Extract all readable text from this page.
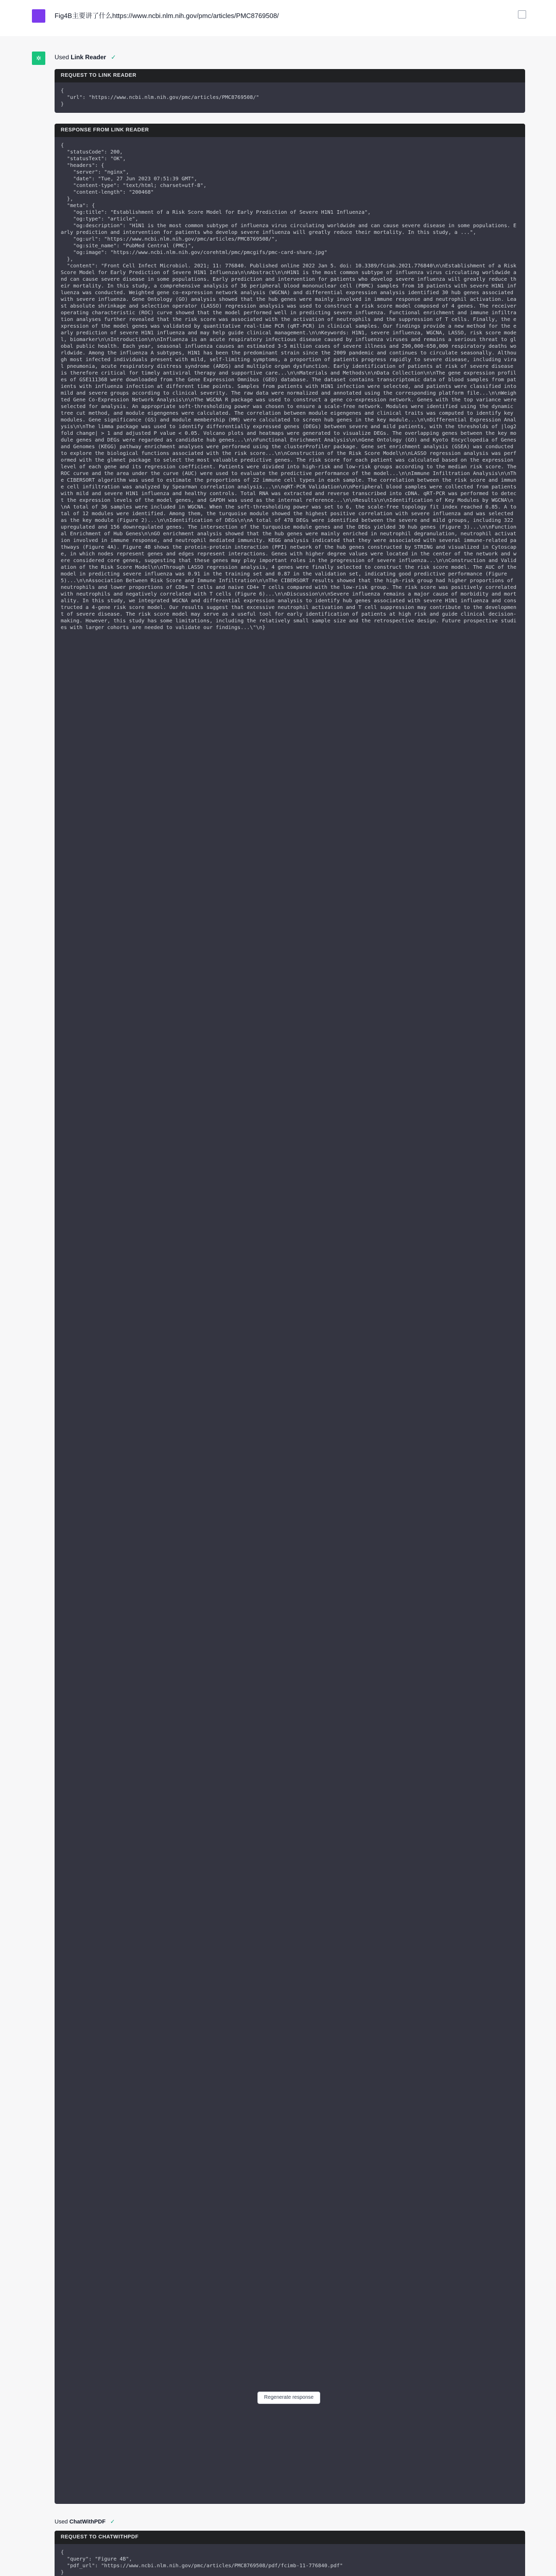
Fig4B主要讲了什么https://www.ncbi.nlm.nih.gov/pmc/articles/PMC8769508/
✲	Used Link Reader ✓
REQUEST TO LINK READER
{
"url": "https://www.ncbi.nlm.nih.gov/pmc/articles/PMC8769508/"
}
RESPONSE FROM LINK READER
{
"statusCode": 200,
"statusText": "OK",
"headers": {
"server": "nginx",
"date": "Tue, 27 Jun 2023 07:51:39 GMT",
"content-type": "text/html; charset=utf-8",
"content-length": "200468"
},
"meta": {
"og:title": "Establishment of a Risk Score Model for Early Prediction of Severe H1N1 Influenza",
"og:type": "article",
"og:description": "H1N1 is the most common subtype of influenza virus circulating worldwide and can cause severe disease in some populations. Early prediction and intervention for patients who develop severe influenza will greatly reduce their mortality. In this study, a ...",
"og:url": "https://www.ncbi.nlm.nih.gov/pmc/articles/PMC8769508/",
"og:site_name": "PubMed Central (PMC)",
"og:image": "https://www.ncbi.nlm.nih.gov/corehtml/pmc/pmcgifs/pmc-card-share.jpg"
},
"content": "Front Cell Infect Microbiol. 2021; 11: 776840. Published online 2022 Jan 5. doi: 10.3389/fcimb.2021.776840\n\nEstablishment of a Risk Score Model for Early Prediction of Severe H1N1 Influenza\n\nAbstract\n\nH1N1 is the most common subtype of influenza virus circulating worldwide and can cause severe disease in some populations. Early prediction and intervention for patients who develop severe influenza will greatly reduce their mortality. In this study, a comprehensive analysis of 36 peripheral blood mononuclear cell (PBMC) samples from 18 patients with severe H1N1 influenza was conducted. Weighted gene co-expression network analysis (WGCNA) and differential expression analysis identified 30 hub genes associated with severe influenza. Gene Ontology (GO) analysis showed that the hub genes were mainly involved in immune response and neutrophil activation. Least absolute shrinkage and selection operator (LASSO) regression analysis was used to construct a risk score model composed of 4 genes. The receiver operating characteristic (ROC) curve showed that the model performed well in predicting severe influenza. Functional enrichment and immune infiltration analyses further revealed that the risk score was associated with the activation of neutrophils and the suppression of T cells. Finally, the expression of the model genes was validated by quantitative real-time PCR (qRT-PCR) in clinical samples. Our findings provide a new method for the early prediction of severe H1N1 influenza and may help guide clinical management.\n\nKeywords: H1N1, severe influenza, WGCNA, LASSO, risk score model, biomarker\n\nIntroduction\n\nInfluenza is an acute respiratory infectious disease caused by influenza viruses and remains a serious threat to global public health. Each year, seasonal influenza causes an estimated 3-5 million cases of severe illness and 290,000-650,000 respiratory deaths worldwide. Among the influenza A subtypes, H1N1 has been the predominant strain since the 2009 pandemic and continues to circulate seasonally. Although most infected individuals present with mild, self-limiting symptoms, a proportion of patients progress rapidly to severe disease, including viral pneumonia, acute respiratory distress syndrome (ARDS) and multiple organ dysfunction. Early identification of patients at risk of severe disease is therefore critical for timely antiviral therapy and supportive care...\n\nMaterials and Methods\n\nData Collection\n\nThe gene expression profiles of GSE111368 were downloaded from the Gene Expression Omnibus (GEO) database. The dataset contains transcriptomic data of blood samples from patients with influenza infection at different time points. Samples from patients with H1N1 infection were selected, and patients were classified into mild and severe groups according to clinical severity. The raw data were normalized and annotated using the corresponding platform file...\n\nWeighted Gene Co-Expression Network Analysis\n\nThe WGCNA R package was used to construct a gene co-expression network. Genes with the top variance were selected for analysis. An appropriate soft-thresholding power was chosen to ensure a scale-free network. Modules were identified using the dynamic tree cut method, and module eigengenes were calculated. The correlation between module eigengenes and clinical traits was computed to identify key modules. Gene significance (GS) and module membership (MM) were calculated to screen hub genes in the key module...\n\nDifferential Expression Analysis\n\nThe limma package was used to identify differentially expressed genes (DEGs) between severe and mild patients, with the thresholds of |log2 fold change| > 1 and adjusted P value < 0.05. Volcano plots and heatmaps were generated to visualize DEGs. The overlapping genes between the key module genes and DEGs were regarded as candidate hub genes...\n\nFunctional Enrichment Analysis\n\nGene Ontology (GO) and Kyoto Encyclopedia of Genes and Genomes (KEGG) pathway enrichment analyses were performed using the clusterProfiler package. Gene set enrichment analysis (GSEA) was conducted to explore the biological functions associated with the risk score...\n\nConstruction of the Risk Score Model\n\nLASSO regression analysis was performed with the glmnet package to select the most valuable predictive genes. The risk score for each patient was calculated based on the expression level of each gene and its regression coefficient. Patients were divided into high-risk and low-risk groups according to the median risk score. The ROC curve and the area under the curve (AUC) were used to evaluate the predictive performance of the model...\n\nImmune Infiltration Analysis\n\nThe CIBERSORT algorithm was used to estimate the proportions of 22 immune cell types in each sample. The correlation between the risk score and immune cell infiltration was analyzed by Spearman correlation analysis...\n\nqRT-PCR Validation\n\nPeripheral blood samples were collected from patients with mild and severe H1N1 influenza and healthy controls. Total RNA was extracted and reverse transcribed into cDNA. qRT-PCR was performed to detect the expression levels of the model genes, and GAPDH was used as the internal reference...\n\nResults\n\nIdentification of Key Modules by WGCNA\n\nA total of 36 samples were included in WGCNA. When the soft-thresholding power was set to 6, the scale-free topology fit index reached 0.85. A total of 12 modules were identified. Among them, the turquoise module showed the highest positive correlation with severe influenza and was selected as the key module (Figure 2)...\n\nIdentification of DEGs\n\nA total of 478 DEGs were identified between the severe and mild groups, including 322 upregulated and 156 downregulated genes. The intersection of the turquoise module genes and the DEGs yielded 30 hub genes (Figure 3)...\n\nFunctional Enrichment of Hub Genes\n\nGO enrichment analysis showed that the hub genes were mainly enriched in neutrophil degranulation, neutrophil activation involved in immune response, and neutrophil mediated immunity. KEGG analysis indicated that they were associated with several immune-related pathways (Figure 4A). Figure 4B shows the protein-protein interaction (PPI) network of the hub genes constructed by STRING and visualized in Cytoscape, in which nodes represent genes and edges represent interactions. Genes with higher degree values were located in the center of the network and were considered core genes, suggesting that these genes may play important roles in the progression of severe influenza...\n\nConstruction and Validation of the Risk Score Model\n\nThrough LASSO regression analysis, 4 genes were finally selected to construct the risk score model. The AUC of the model in predicting severe influenza was 0.91 in the training set and 0.87 in the validation set, indicating good predictive performance (Figure 5)...\n\nAssociation Between Risk Score and Immune Infiltration\n\nThe CIBERSORT results showed that the high-risk group had higher proportions of neutrophils and lower proportions of CD8+ T cells and naive CD4+ T cells compared with the low-risk group. The risk score was positively correlated with neutrophils and negatively correlated with T cells (Figure 6)...\n\nDiscussion\n\nSevere influenza remains a major cause of morbidity and mortality. In this study, we integrated WGCNA and differential expression analysis to identify hub genes associated with severe H1N1 influenza and constructed a 4-gene risk score model. Our results suggest that excessive neutrophil activation and T cell suppression may contribute to the development of severe disease. The risk score model may serve as a useful tool for early identification of patients at high risk and guide clinical decision-making. However, this study has some limitations, including the relatively small sample size and the retrospective design. Future prospective studies with larger cohorts are needed to validate our findings...\"\n}
Regenerate response
Used ChatWithPDF ✓
REQUEST TO CHATWITHPDF
{
"query": "Figure 4B",
"pdf_url": "https://www.ncbi.nlm.nih.gov/pmc/articles/PMC8769508/pdf/fcimb-11-776840.pdf"
}
